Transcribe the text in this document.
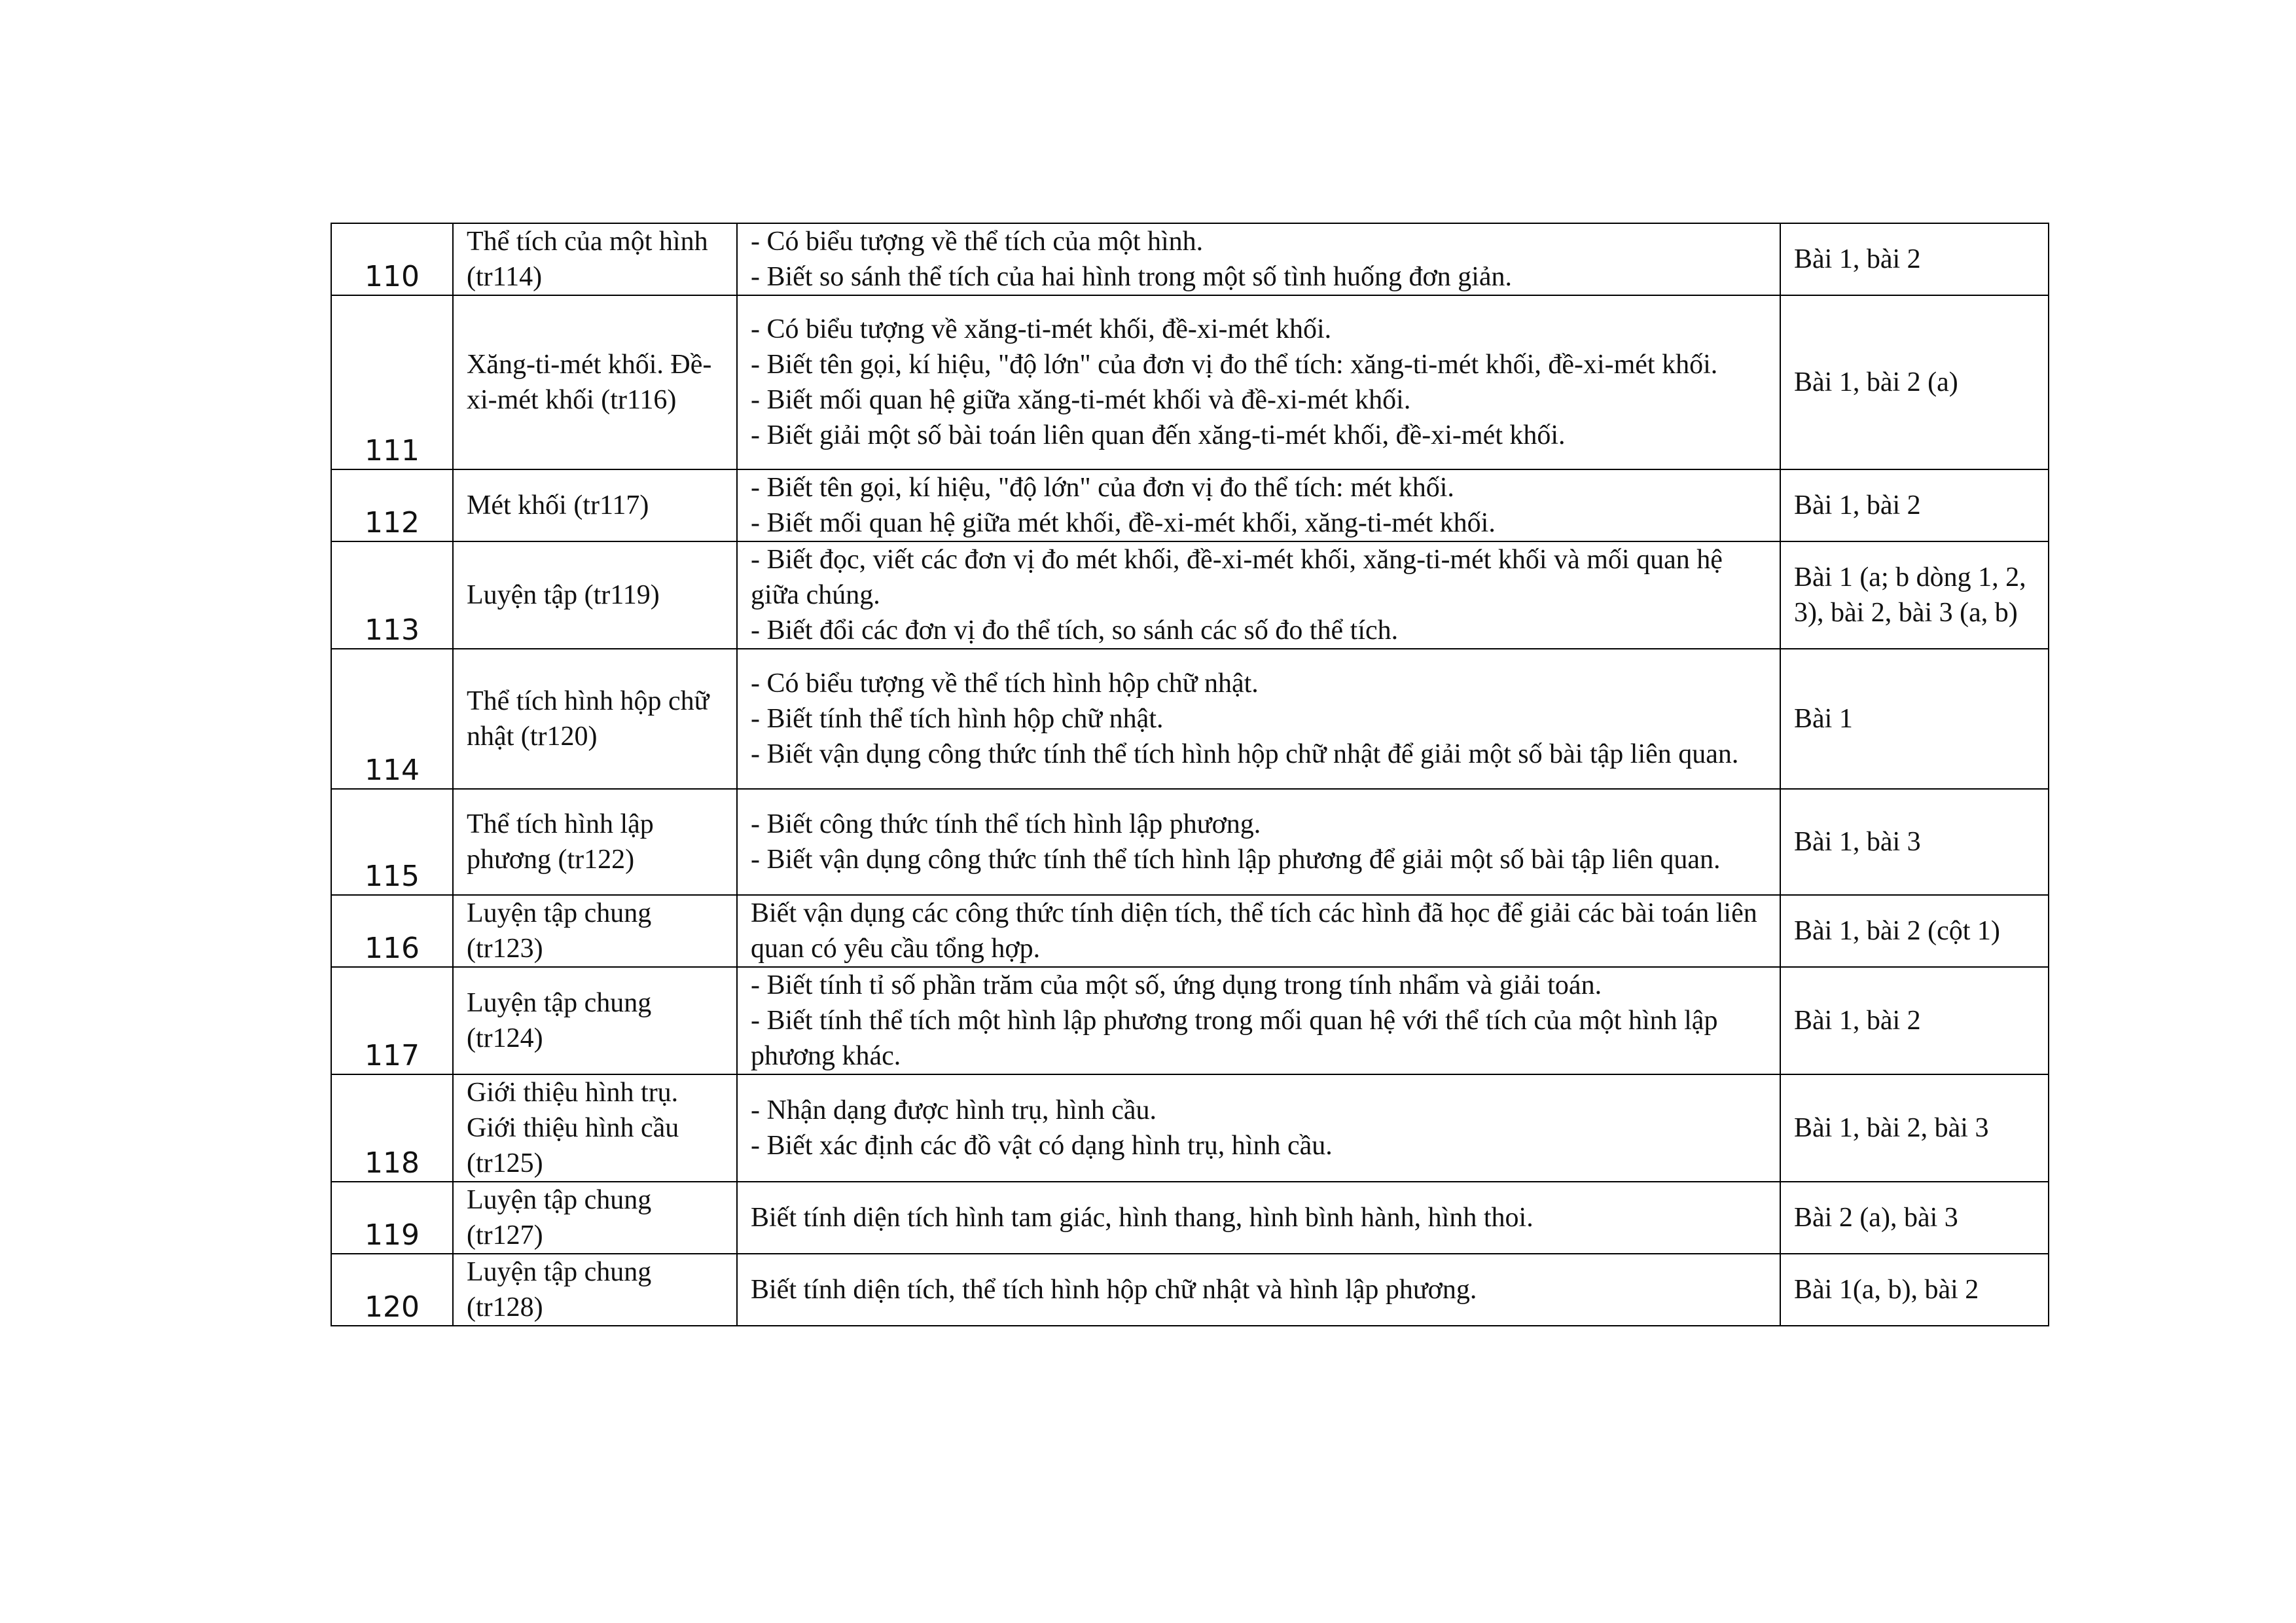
110	Thể tích của một hình (tr114)	- Có biểu tượng về thể tích của một hình.
- Biết so sánh thể tích của hai hình trong một số tình huống đơn giản.	Bài 1, bài 2
111	Xăng-ti-mét khối. Đề-xi-mét khối (tr116)	- Có biểu tượng về xăng-ti-mét khối, đề-xi-mét khối.
- Biết tên gọi, kí hiệu, "độ lớn" của đơn vị đo thể tích: xăng-ti-mét khối, đề-xi-mét khối.
- Biết mối quan hệ giữa xăng-ti-mét khối và đề-xi-mét khối.
- Biết giải một số bài toán liên quan đến xăng-ti-mét khối, đề-xi-mét khối.	Bài 1, bài 2 (a)
112	Mét khối (tr117)	- Biết tên gọi, kí hiệu, "độ lớn" của đơn vị đo thể tích: mét khối.
- Biết mối quan hệ giữa mét khối, đề-xi-mét khối, xăng-ti-mét khối.	Bài 1, bài 2
113	Luyện tập (tr119)	- Biết đọc, viết các đơn vị đo mét khối, đề-xi-mét khối, xăng-ti-mét khối và mối quan hệ giữa chúng.
- Biết đổi các đơn vị đo thể tích, so sánh các số đo thể tích.	Bài 1 (a; b dòng 1, 2, 3), bài 2, bài 3 (a, b)
114	Thể tích hình hộp chữ nhật (tr120)	- Có biểu tượng về thể tích hình hộp chữ nhật.
- Biết tính thể tích hình hộp chữ nhật.
- Biết vận dụng công thức tính thể tích hình hộp chữ nhật để giải một số bài tập liên quan.	Bài 1
115	Thể tích hình lập phương (tr122)	- Biết công thức tính thể tích hình lập phương.
- Biết vận dụng công thức tính thể tích hình lập phương để giải một số bài tập liên quan.	Bài 1, bài 3
116	Luyện tập chung (tr123)	Biết vận dụng các công thức tính diện tích, thể tích các hình đã học để giải các bài toán liên quan có yêu cầu tổng hợp.	Bài 1, bài 2 (cột 1)
117	Luyện tập chung (tr124)	- Biết tính tỉ số phần trăm của một số, ứng dụng trong tính nhẩm và giải toán.
- Biết tính thể tích một hình lập phương trong mối quan hệ với thể tích của một hình lập phương khác.	Bài 1, bài 2
118	Giới thiệu hình trụ. Giới thiệu hình cầu (tr125)	- Nhận dạng được hình trụ, hình cầu.
- Biết xác định các đồ vật có dạng hình trụ, hình cầu.	Bài 1, bài 2, bài 3
119	Luyện tập chung (tr127)	Biết tính diện tích hình tam giác, hình thang, hình bình hành, hình thoi.	Bài 2 (a), bài 3
120	Luyện tập chung (tr128)	Biết tính diện tích, thể tích hình hộp chữ nhật và hình lập phương.	Bài 1(a, b), bài 2
